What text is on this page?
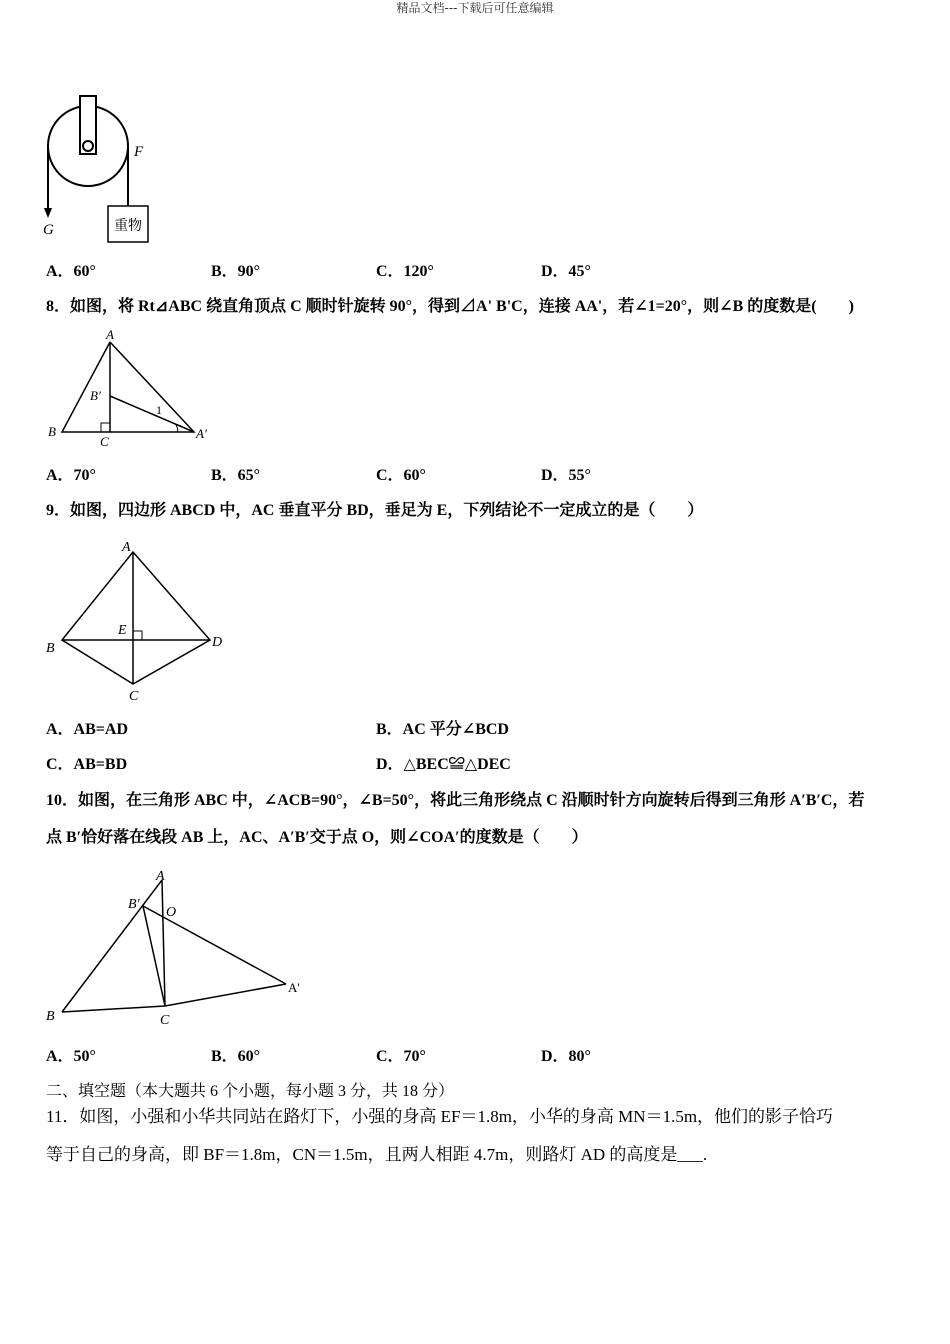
精品文档---下载后可任意编辑
F
G	重物
A．60°	B．90°	C．120°	D．45°
8．如图，将 Rt⊿ABC 绕直角顶点 C 顺时针旋转 90°，得到⊿A' B'C，连接 AA'，若∠1=20°，则∠B 的度数是(　　)
A
B
B′
C
A′
1
A．70°	B．65°	C．60°	D．55°
9．如图，四边形 ABCD 中，AC 垂直平分 BD，垂足为 E，下列结论不一定成立的是（　　）
A
B
C
D
E
A．AB=AD	B．AC 平分∠BCD
C．AB=BD	D．△BEC≌△DEC
10．如图，在三角形 ABC 中，∠ACB=90°，∠B=50°，将此三角形绕点 C 沿顺时针方向旋转后得到三角形 A′B′C，若
点 B′恰好落在线段 AB 上，AC、A′B′交于点 O，则∠COA′的度数是（　　）
A
B′
O
A'
B	C
A．50°	B．60°	C．70°	D．80°
二、填空题（本大题共 6 个小题，每小题 3 分，共 18 分）
11．如图，小强和小华共同站在路灯下，小强的身高 EF＝1.8m，小华的身高 MN＝1.5m，他们的影子恰巧
等于自己的身高，即 BF＝1.8m，CN＝1.5m，且两人相距 4.7m，则路灯 AD 的高度是___.
